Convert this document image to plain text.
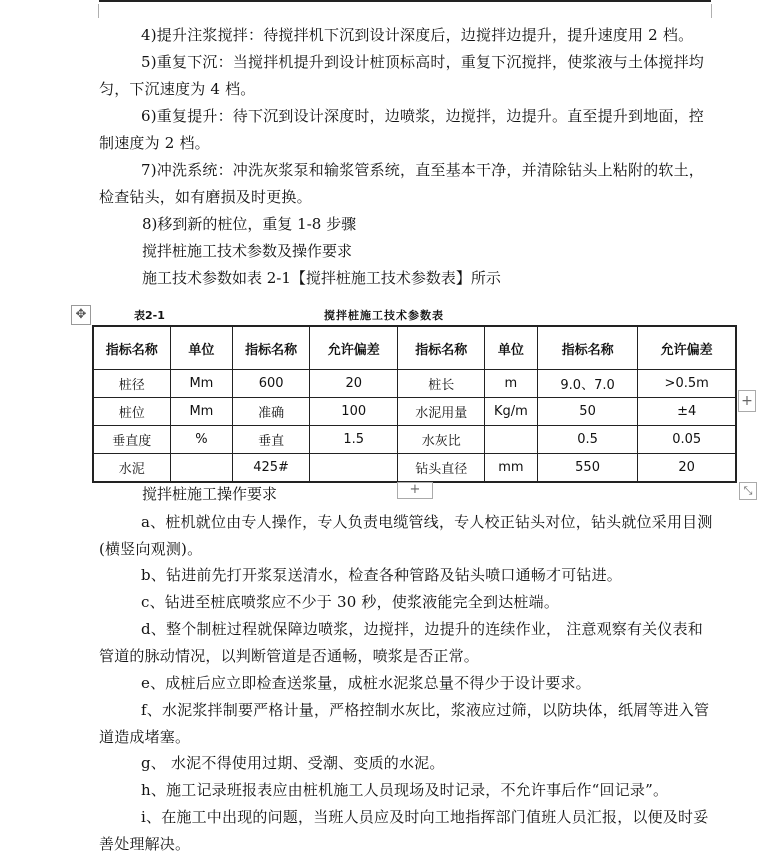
4)提升注浆搅拌：待搅拌机下沉到设计深度后，边搅拌边提升，提升速度用 2 档。
5)重复下沉：当搅拌机提升到设计桩顶标高时，重复下沉搅拌，使浆液与土体搅拌均匀，下沉速度为 4 档。
6)重复提升：待下沉到设计深度时，边喷浆，边搅拌，边提升。直至提升到地面，控制速度为 2 档。
7)冲洗系统：冲洗灰浆泵和输浆管系统，直至基本干净，并清除钻头上粘附的软土，检查钻头，如有磨损及时更换。
8)移到新的桩位，重复 1-8 步骤
搅拌桩施工技术参数及操作要求
施工技术参数如表 2-1【搅拌桩施工技术参数表】所示
✥	表2-1	搅拌桩施工技术参数表
指标名称	单位	指标名称	允许偏差	指标名称	单位	指标名称	允许偏差
桩径	Mm	600	20	桩长	m	9.0、7.0	>0.5m
桩位	Mm	准确	100	水泥用量	Kg/m	50	±4
垂直度	%	垂直	1.5	水灰比		0.5	0.05
水泥		425#		钻头直径	mm	550	20
+
+	⤡
搅拌桩施工操作要求
a、桩机就位由专人操作，专人负责电缆管线，专人校正钻头对位，钻头就位采用目测(横竖向观测)。
b、钻进前先打开浆泵送清水，检查各种管路及钻头喷口通畅才可钻进。
c、钻进至桩底喷浆应不少于 30 秒，使浆液能完全到达桩端。
d、整个制桩过程就保障边喷浆，边搅拌，边提升的连续作业， 注意观察有关仪表和管道的脉动情况，以判断管道是否通畅，喷浆是否正常。
e、成桩后应立即检查送浆量，成桩水泥浆总量不得少于设计要求。
f、水泥浆拌制要严格计量，严格控制水灰比，浆液应过筛，以防块体，纸屑等进入管道造成堵塞。
g、 水泥不得使用过期、受潮、变质的水泥。
h、施工记录班报表应由桩机施工人员现场及时记录，不允许事后作“回记录”。
i、在施工中出现的问题，当班人员应及时向工地指挥部门值班人员汇报，以便及时妥善处理解决。
